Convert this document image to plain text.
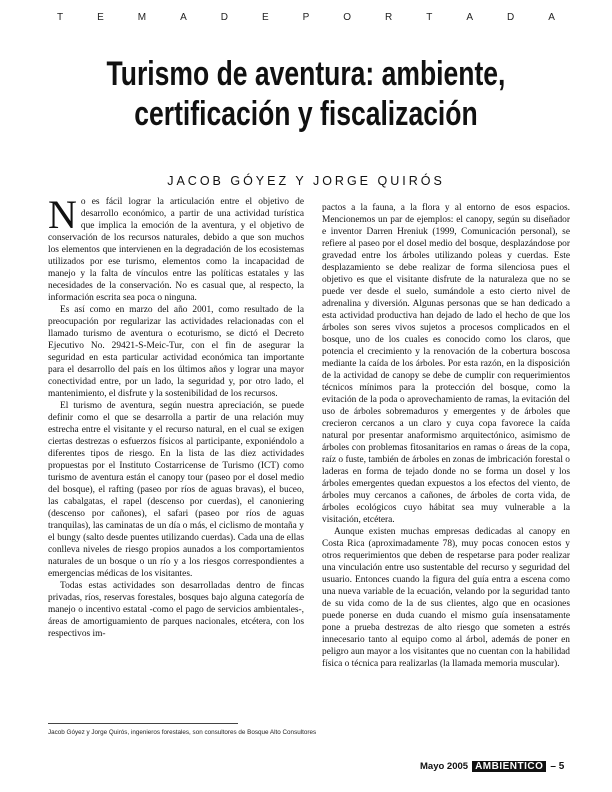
T	E	M	A	D	E	P	O	R	T	A	D	A
Turismo de aventura: ambiente,
certificación y fiscalización
JACOB GÓYEZ Y JORGE QUIRÓS

No es fácil lograr la articulación entre el objetivo de desarrollo económico, a partir de una actividad turística que implica la emoción de la aventura, y el objetivo de conservación de los recursos naturales, debido a que son muchos los elementos que intervienen en la degradación de los ecosistemas utilizados por ese turismo, elementos como la incapacidad de manejo y la falta de vínculos entre las políticas estatales y las necesidades de la conservación. No es casual que, al respecto, la información escrita sea poca o ninguna.

Es así como en marzo del año 2001, como resultado de la preocupación por regularizar las actividades relacionadas con el llamado turismo de aventura o ecoturismo, se dictó el Decreto Ejecutivo No. 29421-S-Meic-Tur, con el fin de asegurar la seguridad en esta particular actividad económica tan importante para el desarrollo del país en los últimos años y lograr una mayor conectividad entre, por un lado, la seguridad y, por otro lado, el mantenimiento, el disfrute y la sostenibilidad de los recursos.

El turismo de aventura, según nuestra apreciación, se puede definir como el que se desarrolla a partir de una relación muy estrecha entre el visitante y el recurso natural, en el cual se exigen ciertas destrezas o esfuerzos físicos al participante, exponiéndolo a diferentes tipos de riesgo. En la lista de las diez actividades propuestas por el Instituto Costarricense de Turismo (ICT) como turismo de aventura están el canopy tour (paseo por el dosel medio del bosque), el rafting (paseo por ríos de aguas bravas), el buceo, las cabalgatas, el rapel (descenso por cuerdas), el canoniering (descenso por cañones), el safari (paseo por ríos de aguas tranquilas), las caminatas de un día o más, el ciclismo de montaña y el bungy (salto desde puentes utilizando cuerdas). Cada una de ellas conlleva niveles de riesgo propios aunados a los comportamientos naturales de un bosque o un río y a los riesgos correspondientes a emergencias médicas de los visitantes.

Todas estas actividades son desarrolladas dentro de fincas privadas, ríos, reservas forestales, bosques bajo alguna categoría de manejo o incentivo estatal -como el pago de servicios ambientales-, áreas de amortiguamiento de parques nacionales, etcétera, con los respectivos im-

pactos a la fauna, a la flora y al entorno de esos espacios. Mencionemos un par de ejemplos: el canopy, según su diseñador e inventor Darren Hreniuk (1999, Comunicación personal), se refiere al paseo por el dosel medio del bosque, desplazándose por gravedad entre los árboles utilizando poleas y cuerdas. Este desplazamiento se debe realizar de forma silenciosa pues el objetivo es que el visitante disfrute de la naturaleza que no se puede ver desde el suelo, sumándole a esto cierto nivel de adrenalina y diversión. Algunas personas que se han dedicado a esta actividad productiva han dejado de lado el hecho de que los árboles son seres vivos sujetos a procesos complicados en el bosque, uno de los cuales es conocido como los claros, que potencia el crecimiento y la renovación de la cobertura boscosa mediante la caída de los árboles. Por esta razón, en la disposición de la actividad de canopy se debe de cumplir con requerimientos técnicos mínimos para la protección del bosque, como la evitación de la poda o aprovechamiento de ramas, la evitación del uso de árboles sobremaduros y emergentes y de árboles que crecieron cercanos a un claro y cuya copa favorece la caída natural por presentar anaformismo arquitectónico, asimismo de árboles con problemas fitosanitarios en ramas o áreas de la copa, raíz o fuste, también de árboles en zonas de imbricación forestal o laderas en forma de tejado donde no se forma un dosel y los árboles emergentes quedan expuestos a los efectos del viento, de árboles muy cercanos a cañones, de árboles de corta vida, de árboles ecológicos cuyo hábitat sea muy vulnerable a la visitación, etcétera.

Aunque existen muchas empresas dedicadas al canopy en Costa Rica (aproximadamente 78), muy pocas conocen estos y otros requerimientos que deben de respetarse para poder realizar una vinculación entre uso sustentable del recurso y seguridad del usuario. Entonces cuando la figura del guía entra a escena como una nueva variable de la ecuación, velando por la seguridad tanto de su vida como de la de sus clientes, algo que en ocasiones puede ponerse en duda cuando el mismo guía insensatamente pone a prueba destrezas de alto riesgo que someten a estrés innecesario tanto al equipo como al árbol, además de poner en peligro aun mayor a los visitantes que no cuentan con la habilidad física o técnica para realizarlas (la llamada memoria muscular).

Jacob Góyez y Jorge Quirós, ingenieros forestales, son consultores de Bosque Alto Consultores
Mayo 2005 AMBIENTICO – 5
